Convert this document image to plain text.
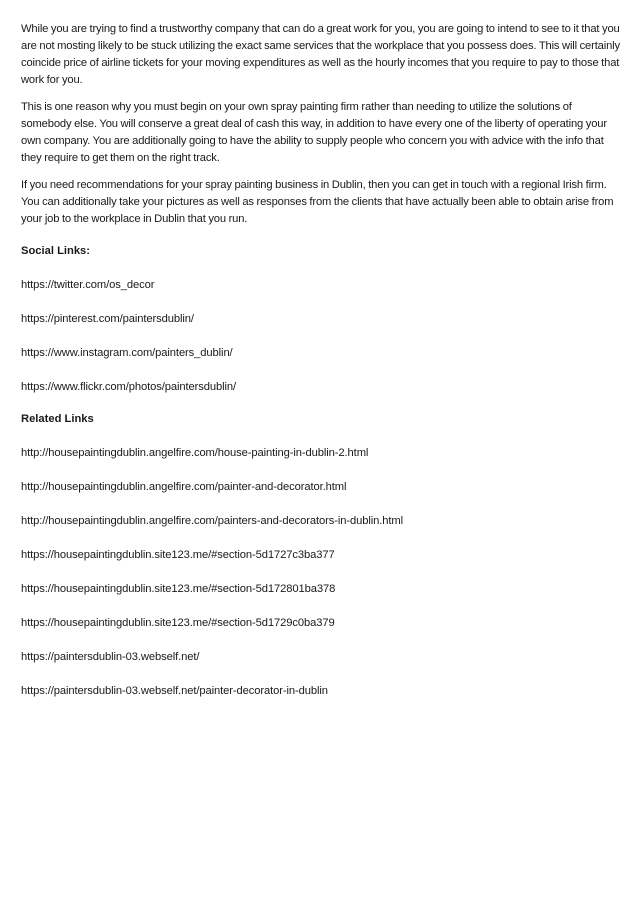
While you are trying to find a trustworthy company that can do a great work for you, you are going to intend to see to it that you are not mosting likely to be stuck utilizing the exact same services that the workplace that you possess does. This will certainly coincide price of airline tickets for your moving expenditures as well as the hourly incomes that you require to pay to those that work for you.

This is one reason why you must begin on your own spray painting firm rather than needing to utilize the solutions of somebody else. You will conserve a great deal of cash this way, in addition to have every one of the liberty of operating your own company. You are additionally going to have the ability to supply people who concern you with advice with the info that they require to get them on the right track.

If you need recommendations for your spray painting business in Dublin, then you can get in touch with a regional Irish firm. You can additionally take your pictures as well as responses from the clients that have actually been able to obtain arise from your job to the workplace in Dublin that you run.

Social Links:
https://twitter.com/os_decor
https://pinterest.com/paintersdublin/
https://www.instagram.com/painters_dublin/
https://www.flickr.com/photos/paintersdublin/
Related Links
http://housepaintingdublin.angelfire.com/house-painting-in-dublin-2.html
http://housepaintingdublin.angelfire.com/painter-and-decorator.html
http://housepaintingdublin.angelfire.com/painters-and-decorators-in-dublin.html
https://housepaintingdublin.site123.me/#section-5d1727c3ba377
https://housepaintingdublin.site123.me/#section-5d172801ba378
https://housepaintingdublin.site123.me/#section-5d1729c0ba379
https://paintersdublin-03.webself.net/
https://paintersdublin-03.webself.net/painter-decorator-in-dublin
